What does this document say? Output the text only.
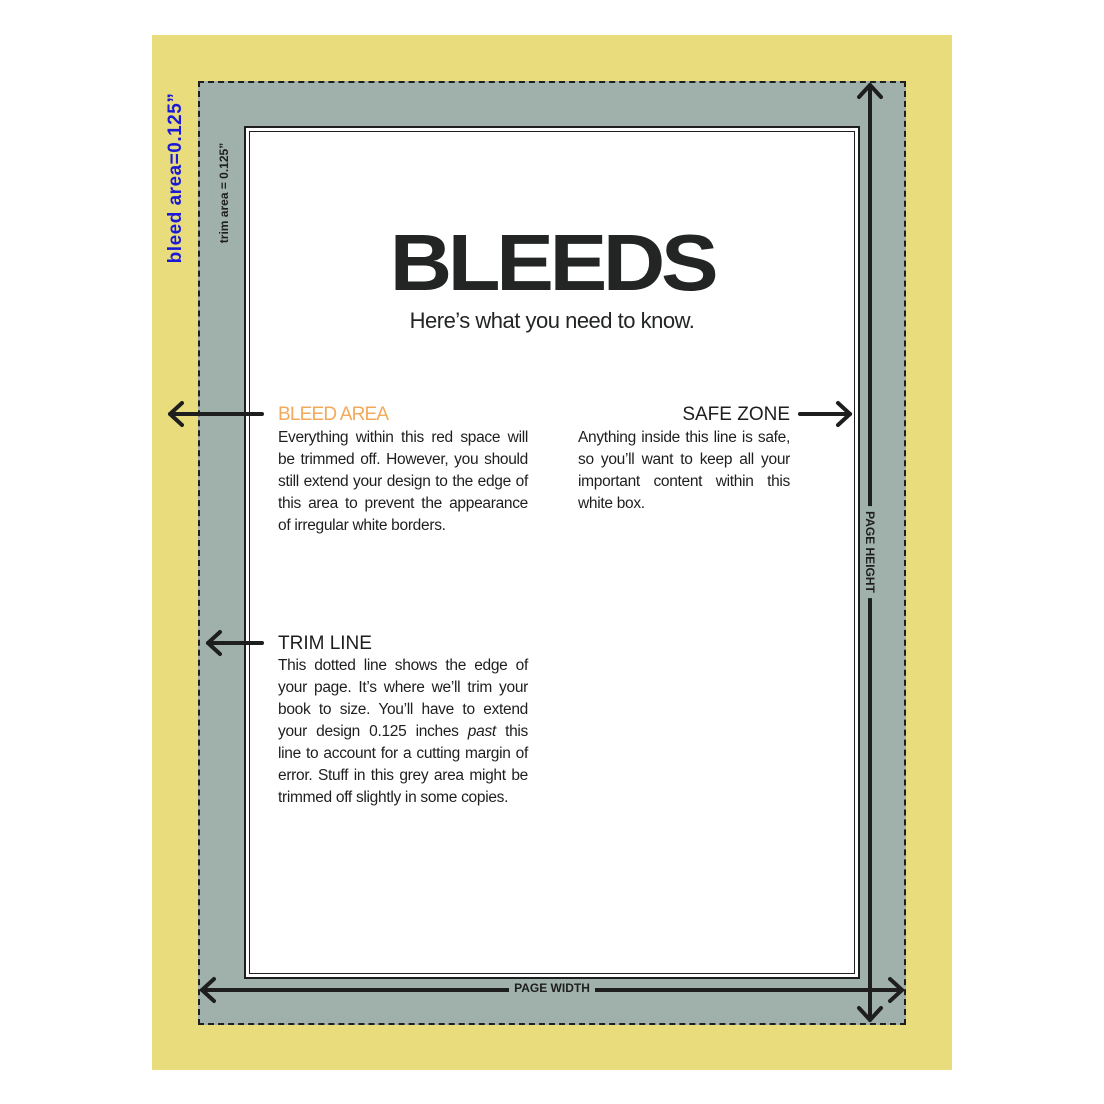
bleed area=0.125”	trim area = 0.125”
BLEEDS
Here’s what you need to know.
BLEED AREA
Everything within this red space will be trimmed off. However, you should still extend your design to the edge of this area to prevent the appearance of irregular white borders.
SAFE ZONE
Anything inside this line is safe, so you’ll want to keep all your important content within this white box.
TRIM LINE
This dotted line shows the edge of your page. It’s where we’ll trim your book to size. You’ll have to extend your design 0.125 inches past this line to account for a cutting margin of error. Stuff in this grey area might be trimmed off slightly in some copies.
PAGE WIDTH
PAGE HEIGHT
